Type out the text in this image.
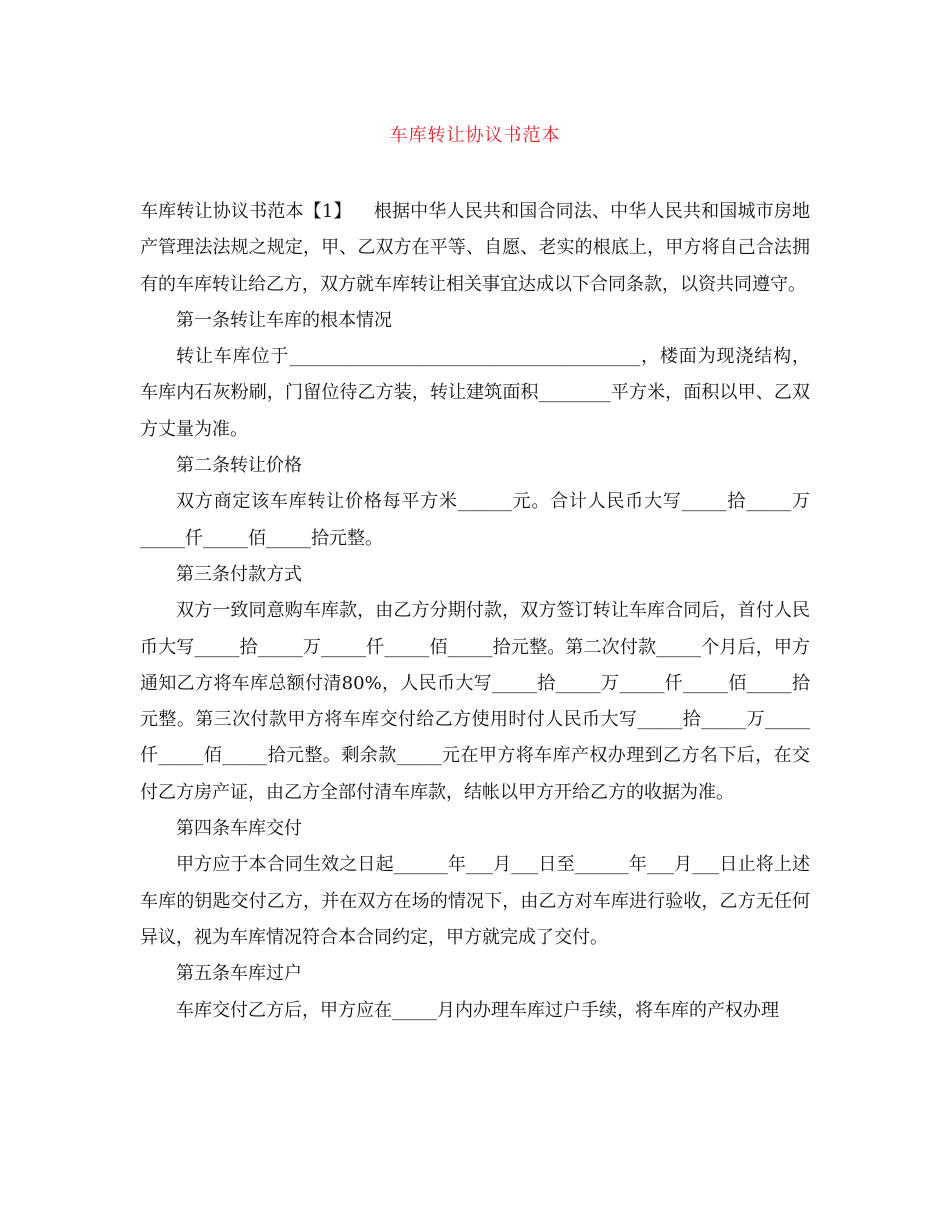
车库转让协议书范本

车库转让协议书范本【1】 根据中华人民共和国合同法、中华人民共和国城市房地产管理法法规之规定，甲、乙双方在平等、自愿、老实的根底上，甲方将自己合法拥有的车库转让给乙方，双方就车库转让相关事宜达成以下合同条款，以资共同遵守。

第一条转让车库的根本情况

转让车库位于_______________________________________，楼面为现浇结构，车库内石灰粉刷，门留位待乙方装，转让建筑面积________平方米，面积以甲、乙双方丈量为准。

第二条转让价格

双方商定该车库转让价格每平方米______元。合计人民币大写_____拾_____万_____仟_____佰_____拾元整。

第三条付款方式

双方一致同意购车库款，由乙方分期付款，双方签订转让车库合同后，首付人民币大写_____拾_____万_____仟_____佰_____拾元整。第二次付款_____个月后，甲方通知乙方将车库总额付清80%，人民币大写_____拾_____万_____仟_____佰_____拾元整。第三次付款甲方将车库交付给乙方使用时付人民币大写_____拾_____万_____仟_____佰_____拾元整。剩余款_____元在甲方将车库产权办理到乙方名下后，在交付乙方房产证，由乙方全部付清车库款，结帐以甲方开给乙方的收据为准。

第四条车库交付

甲方应于本合同生效之日起______年___月___日至______年___月___日止将上述车库的钥匙交付乙方，并在双方在场的情况下，由乙方对车库进行验收，乙方无任何异议，视为车库情况符合本合同约定，甲方就完成了交付。

第五条车库过户

车库交付乙方后，甲方应在_____月内办理车库过户手续，将车库的产权办理
